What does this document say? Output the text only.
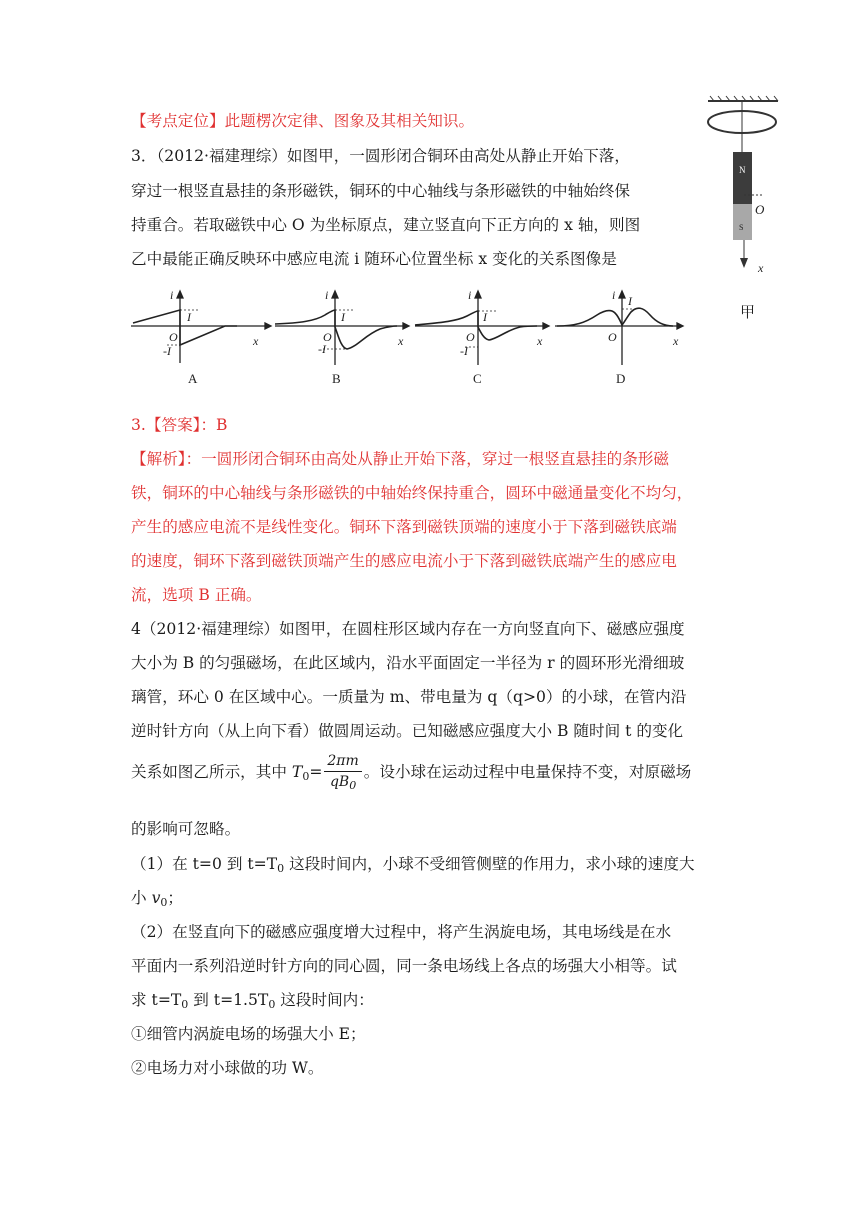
【考点定位】此题楞次定律、图象及其相关知识。
3．（2012·福建理综）如图甲，一圆形闭合铜环由高处从静止开始下落，
穿过一根竖直悬挂的条形磁铁，铜环的中心轴线与条形磁铁的中轴始终保
持重合。若取磁铁中心 O 为坐标原点，建立竖直向下正方向的 x 轴，则图
乙中最能正确反映环中感应电流 i 随环心位置坐标 x 变化的关系图像是
N
S
O
x
甲
i
I
O
-I
x
A
i
I
O
-I
x
B
i
I
O
-I
x
C
i I
O	x
D
3.【答案】：B
【解析】：一圆形闭合铜环由高处从静止开始下落，穿过一根竖直悬挂的条形磁
铁，铜环的中心轴线与条形磁铁的中轴始终保持重合，圆环中磁通量变化不均匀，
产生的感应电流不是线性变化。铜环下落到磁铁顶端的速度小于下落到磁铁底端
的速度，铜环下落到磁铁顶端产生的感应电流小于下落到磁铁底端产生的感应电
流，选项 B 正确。
4（2012·福建理综）如图甲，在圆柱形区域内存在一方向竖直向下、磁感应强度
大小为 B 的匀强磁场，在此区域内，沿水平面固定一半径为 r 的圆环形光滑细玻
璃管，环心 0 在区域中心。一质量为 m、带电量为 q（q>0）的小球，在管内沿
逆时针方向（从上向下看）做圆周运动。已知磁感应强度大小 B 随时间 t 的变化
关系如图乙所示，其中 $T_0= \frac{2\pi m}{qB_0}$ 。设小球在运动过程中电量保持不变，对原磁场
的影响可忽略。
（1）在 t=0 到 $t=T_0$ 这段时间内，小球不受细管侧壁的作用力，求小球的速度大
小 $v_0$；
（2）在竖直向下的磁感应强度增大过程中，将产生涡旋电场，其电场线是在水
平面内一系列沿逆时针方向的同心圆，同一条电场线上各点的场强大小相等。试
求 $t=T_0$ 到 $t=1.5T_0$ 这段时间内：
①细管内涡旋电场的场强大小 E；
②电场力对小球做的功 W。
